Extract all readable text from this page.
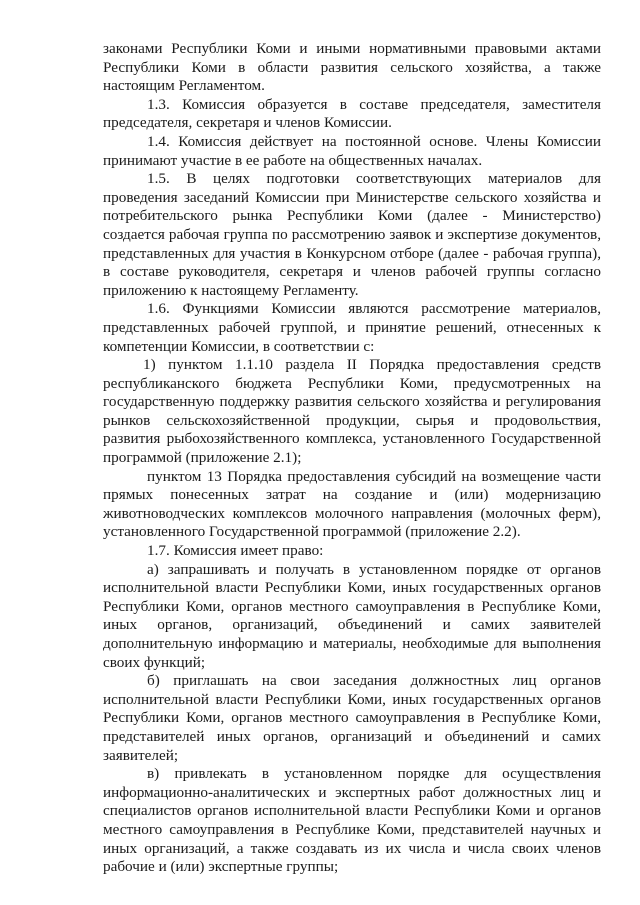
законами Республики Коми и иными нормативными правовыми актами Республики Коми в области развития сельского хозяйства, а также настоящим Регламентом.

1.3. Комиссия образуется в составе председателя, заместителя председателя, секретаря и членов Комиссии.

1.4. Комиссия действует на постоянной основе. Члены Комиссии принимают участие в ее работе на общественных началах.

1.5. В целях подготовки соответствующих материалов для проведения заседаний Комиссии при Министерстве сельского хозяйства и потребительского рынка Республики Коми (далее - Министерство) создается рабочая группа по рассмотрению заявок и экспертизе документов, представленных для участия в Конкурсном отборе (далее - рабочая группа), в составе руководителя, секретаря и членов рабочей группы согласно приложению к настоящему Регламенту.

1.6. Функциями Комиссии являются рассмотрение материалов, представленных рабочей группой, и принятие решений, отнесенных к компетенции Комиссии, в соответствии с:

1) пунктом 1.1.10 раздела II Порядка предоставления средств республиканского бюджета Республики Коми, предусмотренных на государственную поддержку развития сельского хозяйства и регулирования рынков сельскохозяйственной продукции, сырья и продовольствия, развития рыбохозяйственного комплекса, установленного Государственной программой (приложение 2.1);

пунктом 13 Порядка предоставления субсидий на возмещение части прямых понесенных затрат на создание и (или) модернизацию животноводческих комплексов молочного направления (молочных ферм), установленного Государственной программой (приложение 2.2).

1.7. Комиссия имеет право:

а) запрашивать и получать в установленном порядке от органов исполнительной власти Республики Коми, иных государственных органов Республики Коми, органов местного самоуправления в Республике Коми, иных органов, организаций, объединений и самих заявителей дополнительную информацию и материалы, необходимые для выполнения своих функций;

б) приглашать на свои заседания должностных лиц органов исполнительной власти Республики Коми, иных государственных органов Республики Коми, органов местного самоуправления в Республике Коми, представителей иных органов, организаций и объединений и самих заявителей;

в) привлекать в установленном порядке для осуществления информационно-аналитических и экспертных работ должностных лиц и специалистов органов исполнительной власти Республики Коми и органов местного самоуправления в Республике Коми, представителей научных и иных организаций, а также создавать из их числа и числа своих членов рабочие и (или) экспертные группы;
